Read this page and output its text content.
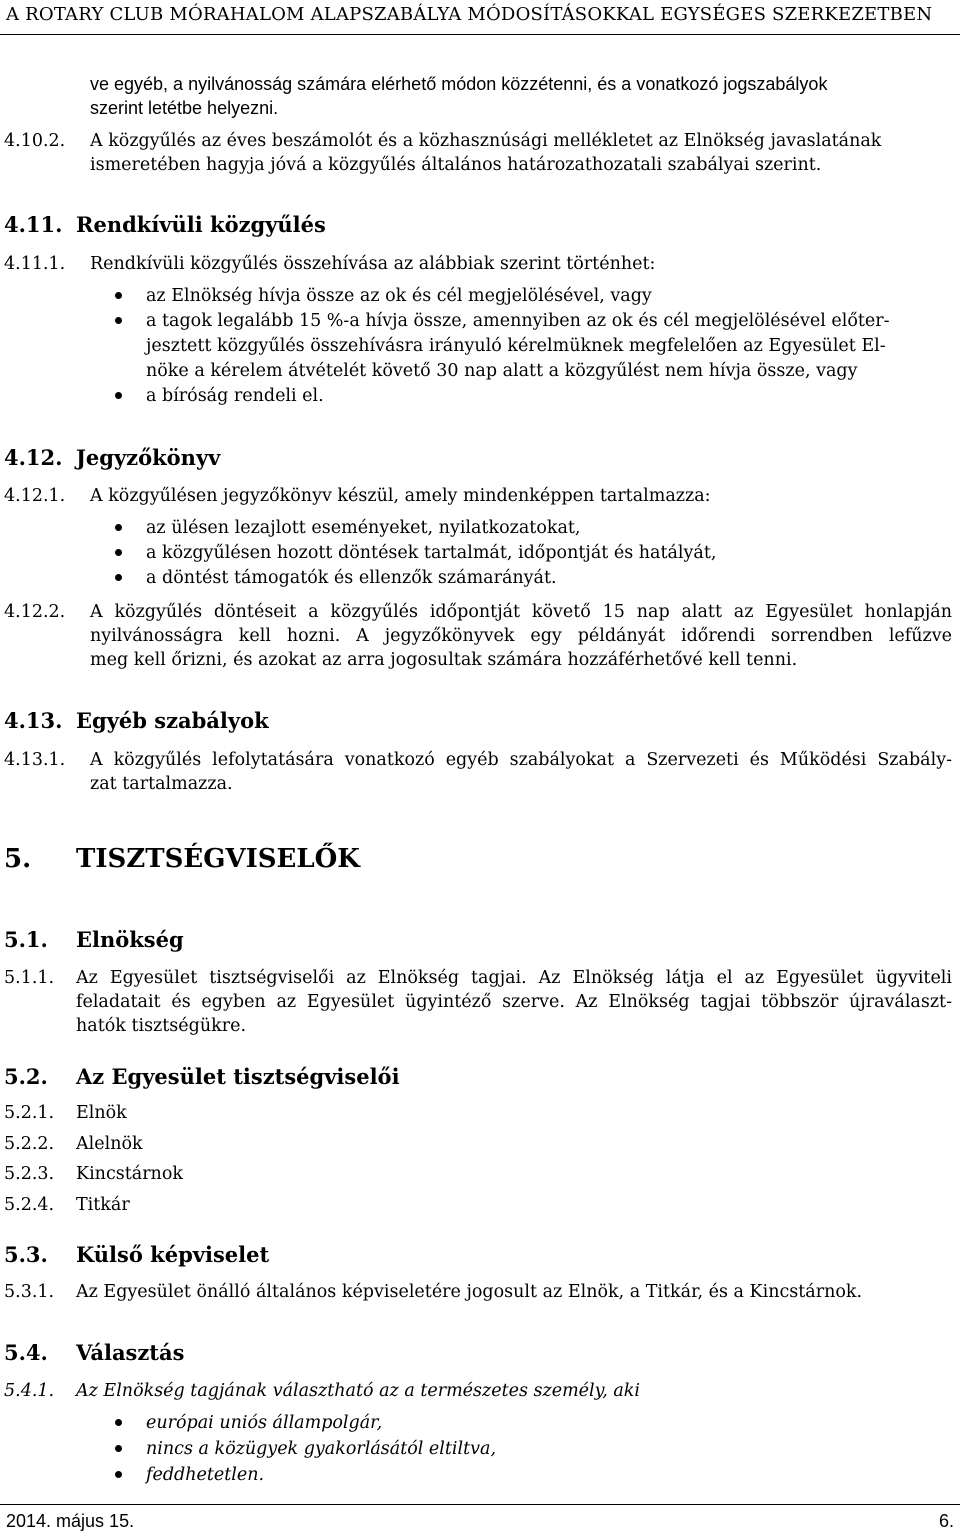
A ROTARY CLUB MÓRAHALOM ALAPSZABÁLYA MÓDOSÍTÁSOKKAL EGYSÉGES SZERKEZETBEN
ve egyéb, a nyilvánosság számára elérhető módon közzétenni, és a vonatkozó jogszabályok
szerint letétbe helyezni.
4.10.2. A közgyűlés az éves beszámolót és a közhasznúsági mellékletet az Elnökség javaslatának
ismeretében hagyja jóvá a közgyűlés általános határozathozatali szabályai szerint.
4.11. Rendkívüli közgyűlés
4.11.1. Rendkívüli közgyűlés összehívása az alábbiak szerint történhet:
az Elnökség hívja össze az ok és cél megjelölésével, vagy
a tagok legalább 15 %-a hívja össze, amennyiben az ok és cél megjelölésével előter-
jesztett közgyűlés összehívásra irányuló kérelmüknek megfelelően az Egyesület El-
nöke a kérelem átvételét követő 30 nap alatt a közgyűlést nem hívja össze, vagy
a bíróság rendeli el.
4.12. Jegyzőkönyv
4.12.1. A közgyűlésen jegyzőkönyv készül, amely mindenképpen tartalmazza:
az ülésen lezajlott eseményeket, nyilatkozatokat,
a közgyűlésen hozott döntések tartalmát, időpontját és hatályát,
a döntést támogatók és ellenzők számarányát.
4.12.2. A közgyűlés döntéseit a közgyűlés időpontját követő 15 nap alatt az Egyesület honlapján
nyilvánosságra kell hozni. A jegyzőkönyvek egy példányát időrendi sorrendben lefűzve
meg kell őrizni, és azokat az arra jogosultak számára hozzáférhetővé kell tenni.
4.13. Egyéb szabályok
4.13.1. A közgyűlés lefolytatására vonatkozó egyéb szabályokat a Szervezeti és Működési Szabály-
zat tartalmazza.
5. TISZTSÉGVISELŐK
5.1. Elnökség
5.1.1. Az Egyesület tisztségviselői az Elnökség tagjai. Az Elnökség látja el az Egyesület ügyviteli
feladatait és egyben az Egyesület ügyintéző szerve. Az Elnökség tagjai többször újraválaszt-
hatók tisztségükre.
5.2. Az Egyesület tisztségviselői
5.2.1. Elnök
5.2.2. Alelnök
5.2.3. Kincstárnok
5.2.4. Titkár
5.3. Külső képviselet
5.3.1. Az Egyesület önálló általános képviseletére jogosult az Elnök, a Titkár, és a Kincstárnok.
5.4. Választás
5.4.1. Az Elnökség tagjának választható az a természetes személy, aki
európai uniós állampolgár,
nincs a közügyek gyakorlásától eltiltva,
feddhetetlen.
2014. május 15.	6.
